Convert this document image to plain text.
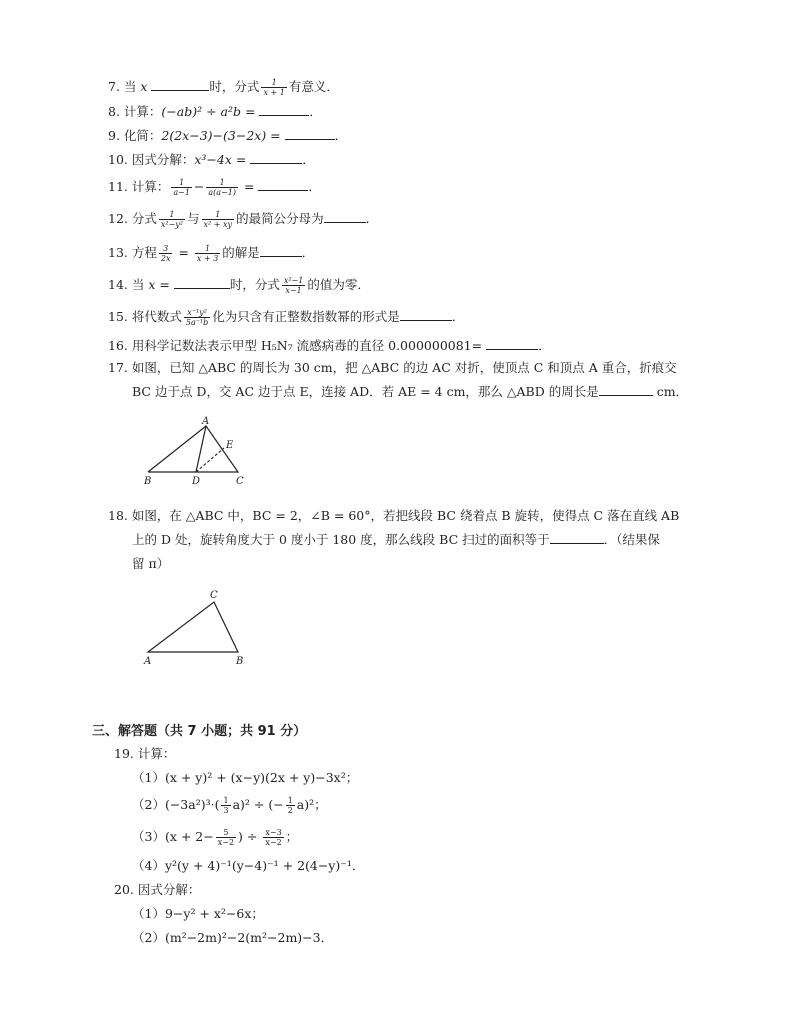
7. 当 x	时，分式 $\frac{1}{x + 1}$ 有意义．
8. 计算：(−ab)² ÷ a²b =	．
9. 化简：2(2x−3)−(3−2x) =	．
10. 因式分解：x³−4x =	．
11. 计算： $\frac{1}{a-1} - \frac{1}{a(a-1)}$ =	．
12. 分式 $\frac{1}{\text{x²−y²}}$ 与 $\frac{1}{\text{x² + xy}}$ 的最简公分母为	．
13. 方程 $\frac{3}{2x} = \frac{1}{x + 3}$ 的解是	．
14. 当 x =	时，分式 $\frac{\text{x²−1}}{x-1}$ 的值为零．
15. 将代数式 $\frac{\text{x⁻¹y²}}{\text{5a⁻¹b}}$ 化为只含有正整数指数幂的形式是	．
16. 用科学记数法表示甲型 H₅N₇ 流感病毒的直径 0.000000081=	．
17. 如图，已知 △ABC 的周长为 30 cm，把 △ABC 的边 AC 对折，使顶点 C 和顶点 A 重合，折痕交
BC 边于点 D，交 AC 边于点 E，连接 AD．若 AE = 4 cm，那么 △ABD 的周长是	cm．
A
E
B	D	C
18. 如图，在 △ABC 中，BC = 2，∠B = 60°，若把线段 BC 绕着点 B 旋转，使得点 C 落在直线 AB
上的 D 处，旋转角度大于 0 度小于 180 度，那么线段 BC 扫过的面积等于	．（结果保
留 π）
C
A	B
三、解答题（共 7 小题；共 91 分）
19. 计算：
（1）(x + y)² + (x−y)(2x + y)−3x²；
$(2)(-3a^2)^3\cdot( \frac{1}{3} a)^2$ ÷ (− $\frac{1}{2} a)^2$；
$(3)(x + 2- \frac{5}{x-2}$ ) ÷ $\frac{x-3}{x-2}$ ；
（4）y²(y + 4)⁻¹(y−4)⁻¹ + 2(4−y)⁻¹．
20. 因式分解：
（1）9−y² + x²−6x；
（2）(m²−2m)²−2(m²−2m)−3．
